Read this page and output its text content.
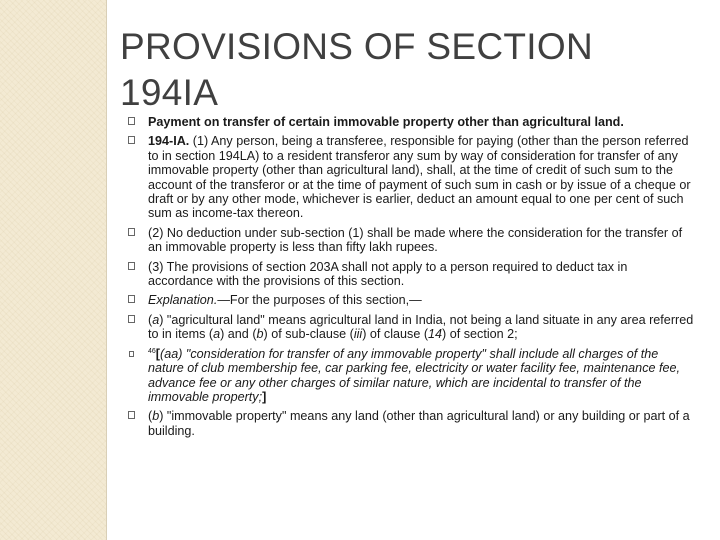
PROVISIONS OF SECTION
194IA
Payment on transfer of certain immovable property other than agricultural land.
194-IA. (1) Any person, being a transferee, responsible for paying (other than the person referred to in section 194LA) to a resident transferor any sum by way of consideration for transfer of any immovable property (other than agricultural land), shall, at the time of credit of such sum to the account of the transferor or at the time of payment of such sum in cash or by issue of a cheque or draft or by any other mode, whichever is earlier, deduct an amount equal to one per cent of such sum as income-tax thereon.
(2) No deduction under sub-section (1) shall be made where the consideration for the transfer of an immovable property is less than fifty lakh rupees.
(3) The provisions of section 203A shall not apply to a person required to deduct tax in accordance with the provisions of this section.
Explanation.—For the purposes of this section,—
(a) "agricultural land" means agricultural land in India, not being a land situate in any area referred to in items (a) and (b) of sub-clause (iii) of clause (14) of section 2;
$^{46}$[(aa) "consideration for transfer of any immovable property" shall include all charges of the nature of club membership fee, car parking fee, electricity or water facility fee, maintenance fee, advance fee or any other charges of similar nature, which are incidental to transfer of the immovable property;]
(b) "immovable property" means any land (other than agricultural land) or any building or part of a building.
